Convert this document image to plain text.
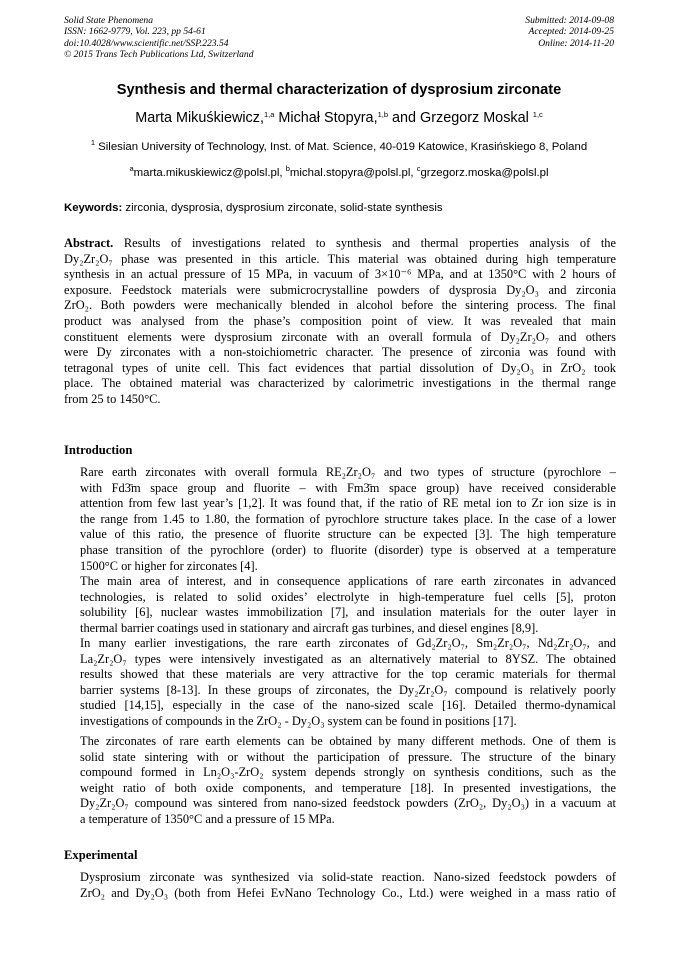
Solid State Phenomena
ISSN: 1662-9779, Vol. 223, pp 54-61
doi:10.4028/www.scientific.net/SSP.223.54
© 2015 Trans Tech Publications Ltd, Switzerland
Submitted: 2014-09-08
Accepted: 2014-09-25
Online: 2014-11-20
Synthesis and thermal characterization of dysprosium zirconate
Marta Mikuśkiewicz,$^{1,a}$ Michał Stopyra,$^{1,b}$ and Grzegorz Moskal $^{1,c}$
$^1$ Silesian University of Technology, Inst. of Mat. Science, 40-019 Katowice, Krasińskiego 8, Poland
$^a$marta.mikuskiewicz@polsl.pl, $^b$michal.stopyra@polsl.pl, $^c$grzegorz.moska@polsl.pl
Keywords: zirconia, dysprosia, dysprosium zirconate, solid-state synthesis
Abstract. Results of investigations related to synthesis and thermal properties analysis of the
Dy₂Zr₂O₇ phase was presented in this article. This material was obtained during high temperature
synthesis in an actual pressure of 15 MPa, in vacuum of 3×10⁻⁶ MPa, and at 1350°C with 2 hours of
exposure. Feedstock materials were submicrocrystalline powders of dysprosia Dy₂O₃ and zirconia
ZrO₂. Both powders were mechanically blended in alcohol before the sintering process. The final
product was analysed from the phase’s composition point of view. It was revealed that main
constituent elements were dysprosium zirconate with an overall formula of Dy₂Zr₂O₇ and others
were Dy zirconates with a non-stoichiometric character. The presence of zirconia was found with
tetragonal types of unite cell. This fact evidences that partial dissolution of Dy₂O₃ in ZrO₂ took
place. The obtained material was characterized by calorimetric investigations in the thermal range
from 25 to 1450°C.
Introduction
Rare earth zirconates with overall formula RE₂Zr₂O₇ and two types of structure (pyrochlore –
with Fd3̄m space group and fluorite – with Fm3̄m space group) have received considerable
attention from few last year’s [1,2]. It was found that, if the ratio of RE metal ion to Zr ion size is in
the range from 1.45 to 1.80, the formation of pyrochlore structure takes place. In the case of a lower
value of this ratio, the presence of fluorite structure can be expected [3]. The high temperature
phase transition of the pyrochlore (order) to fluorite (disorder) type is observed at a temperature
1500°C or higher for zirconates [4].
The main area of interest, and in consequence applications of rare earth zirconates in advanced
technologies, is related to solid oxides’ electrolyte in high-temperature fuel cells [5], proton
solubility [6], nuclear wastes immobilization [7], and insulation materials for the outer layer in
thermal barrier coatings used in stationary and aircraft gas turbines, and diesel engines [8,9].
In many earlier investigations, the rare earth zirconates of Gd₂Zr₂O₇, Sm₂Zr₂O₇, Nd₂Zr₂O₇, and
La₂Zr₂O₇ types were intensively investigated as an alternatively material to 8YSZ. The obtained
results showed that these materials are very attractive for the top ceramic materials for thermal
barrier systems [8-13]. In these groups of zirconates, the Dy₂Zr₂O₇ compound is relatively poorly
studied [14,15], especially in the case of the nano-sized scale [16]. Detailed thermo-dynamical
investigations of compounds in the ZrO₂ - Dy₂O₃ system can be found in positions [17].
The zirconates of rare earth elements can be obtained by many different methods. One of them is
solid state sintering with or without the participation of pressure. The structure of the binary
compound formed in Ln₂O₃-ZrO₂ system depends strongly on synthesis conditions, such as the
weight ratio of both oxide components, and temperature [18]. In presented investigations, the
Dy₂Zr₂O₇ compound was sintered from nano-sized feedstock powders (ZrO₂, Dy₂O₃) in a vacuum at
a temperature of 1350°C and a pressure of 15 MPa.
Experimental
Dysprosium zirconate was synthesized via solid-state reaction. Nano-sized feedstock powders of
ZrO₂ and Dy₂O₃ (both from Hefei EvNano Technology Co., Ltd.) were weighed in a mass ratio of
